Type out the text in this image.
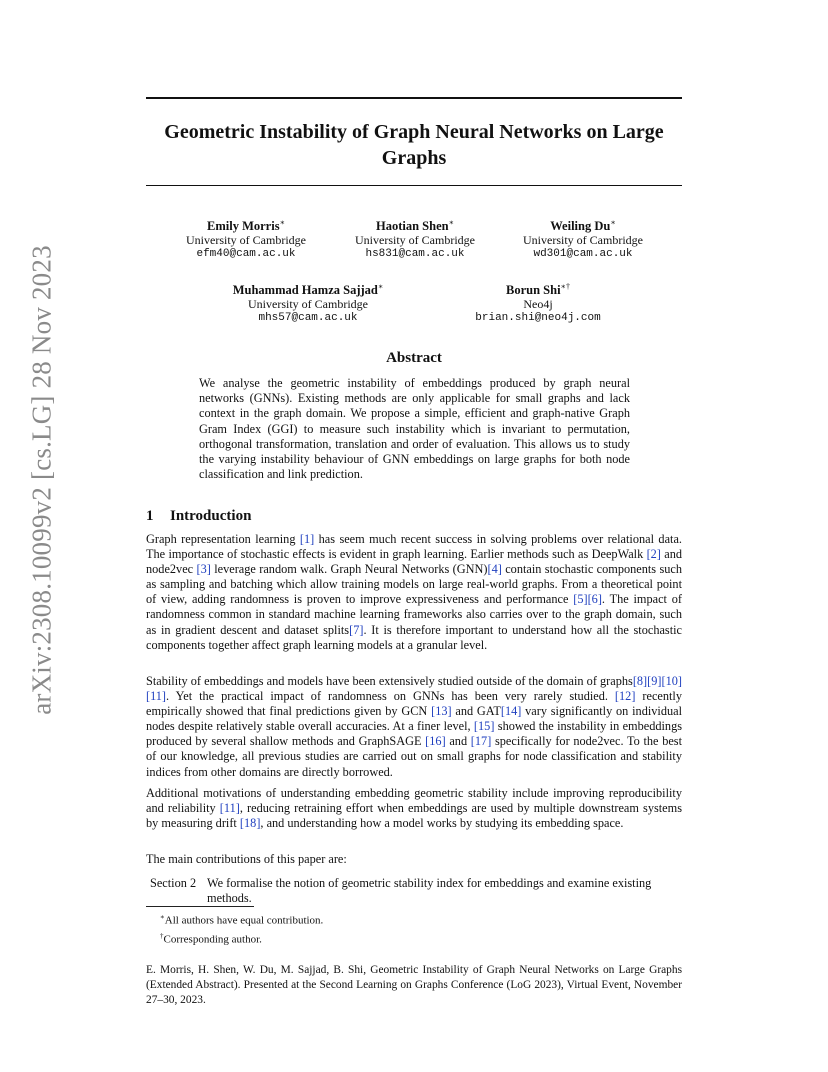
arXiv:2308.10099v2 [cs.LG] 28 Nov 2023
Geometric Instability of Graph Neural Networks on Large Graphs
Emily Morris∗
University of Cambridge
efm40@cam.ac.uk
Haotian Shen∗
University of Cambridge
hs831@cam.ac.uk
Weiling Du∗
University of Cambridge
wd301@cam.ac.uk
Muhammad Hamza Sajjad∗
University of Cambridge
mhs57@cam.ac.uk
Borun Shi∗†
Neo4j
brian.shi@neo4j.com
Abstract
We analyse the geometric instability of embeddings produced by graph neural networks (GNNs). Existing methods are only applicable for small graphs and lack context in the graph domain. We propose a simple, efficient and graph-native Graph Gram Index (GGI) to measure such instability which is invariant to permutation, orthogonal transformation, translation and order of evaluation. This allows us to study the varying instability behaviour of GNN embeddings on large graphs for both node classification and link prediction.
1 Introduction
Graph representation learning [1] has seem much recent success in solving problems over relational data. The importance of stochastic effects is evident in graph learning. Earlier methods such as DeepWalk [2] and node2vec [3] leverage random walk. Graph Neural Networks (GNN)[4] contain stochastic components such as sampling and batching which allow training models on large real-world graphs. From a theoretical point of view, adding randomness is proven to improve expressiveness and performance [5][6]. The impact of randomness common in standard machine learning frameworks also carries over to the graph domain, such as in gradient descent and dataset splits[7]. It is therefore important to understand how all the stochastic components together affect graph learning models at a granular level.
Stability of embeddings and models have been extensively studied outside of the domain of graphs[8][9][10][11]. Yet the practical impact of randomness on GNNs has been very rarely studied. [12] recently empirically showed that final predictions given by GCN [13] and GAT[14] vary significantly on individual nodes despite relatively stable overall accuracies. At a finer level, [15] showed the instability in embeddings produced by several shallow methods and GraphSAGE [16] and [17] specifically for node2vec. To the best of our knowledge, all previous studies are carried out on small graphs for node classification and stability indices from other domains are directly borrowed.
Additional motivations of understanding embedding geometric stability include improving reproducibility and reliability [11], reducing retraining effort when embeddings are used by multiple downstream systems by measuring drift [18], and understanding how a model works by studying its embedding space.
The main contributions of this paper are:
Section 2 We formalise the notion of geometric stability index for embeddings and examine existing methods.
∗All authors have equal contribution.
†Corresponding author.
E. Morris, H. Shen, W. Du, M. Sajjad, B. Shi, Geometric Instability of Graph Neural Networks on Large Graphs (Extended Abstract). Presented at the Second Learning on Graphs Conference (LoG 2023), Virtual Event, November 27–30, 2023.
